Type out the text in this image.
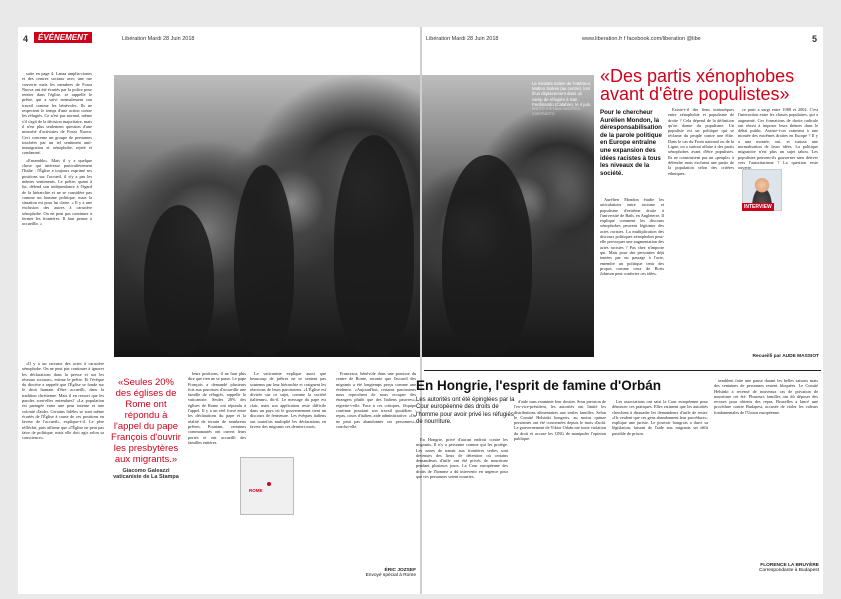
4	ÉVÉNEMENT	Libération Mardi 28 Juin 2018

suite en page 4. Lanza amplia-ciones et des centres sociaux avec une rue couverte mais les membres de Forza Nuova ont été écartés par la police pour rentrer dans l'église, se rappelle le prêtre, qui a suivi normalement son travail comme les bénévoles. Ils ne respectent le temps d'une action contre les réfugiés. Ce n'est pas normal, même s'il s'agit de la décision majoritaire, mais il n'est plus seulement question d'une minorité d'activistes de Forza Nuova. Ceci concerne un groupe de personnes touchées par un tel sentiment anti-immigration et xénophobe, rejeté et condamné.

«Ensemble». Mais il y a quelque chose qui intéresse particulièrement l'Italie : l'Église a toujours exprimé ses positions sur l'accueil, il n'y a pas les mêmes sentiments. Le prêtre, quant à lui, défend son indépendance à l'égard de la hiérarchie et ne se considère pas comme un homme politique, mais la situation est pour lui claire. « Il y a une exclusion des autres à caractère xénophobe. On ne peut pas continuer à fermer les frontières. Il faut penser à accueillir. »

«Il y a un racisme des actes à caractère xénophobe. On ne peut pas continuer à ignorer les déclarations dans la presse et sur les réseaux sociaux», estime le prêtre. Et l'évêque du diocèse a rappelé que l'Église se fonde sur le droit humain d'être accueilli, dans la tradition chrétienne. Mais il en ressort que les paroles sont-elles entendues? «La population est partagée entre une peur intense et une volonté d'aider. Certains fidèles se sont même écartés de l'Église à cause de ces positions en faveur de l'accueil», explique-t-il. Le père réfléchit, puis affirme que «l'Église ne peut pas faire de politique, mais elle doit agir selon sa conscience».

«Seules 20% des églises de Rome ont répondu à l'appel du pape François d'ouvrir les presbytères aux migrants.»
Giacomo Galeazzi vaticaniste de La Stampa

leurs positions, il ne faut plus dire que rien ne se passe. Le pape François a demandé plusieurs fois aux paroisses d'accueillir une famille de réfugiés, rappelle le vaticaniste. Seules 20% des églises de Rome ont répondu à l'appel. Il y a un réel fossé entre les déclarations du pape et la réalité de terrain de nombreux prêtres. Pourtant, certaines communautés ont ouvert leurs portes et ont accueilli des familles entières.

Le vaticaniste explique aussi que beaucoup de prêtres ne se sentent pas soutenus par leur hiérarchie et craignent les réactions de leurs paroissiens. «L'Église est divisée sur ce sujet, comme la société italienne», dit-il. Le message du pape est clair, mais son application reste difficile dans un pays où le gouvernement tient un discours de fermeture. Les évêques italiens ont toutefois multiplié les déclarations en faveur des migrants ces derniers mois.

ROME

Francesca, bénévole dans une paroisse du centre de Rome, raconte que l'accueil des migrants a été longtemps perçu comme une évidence. «Aujourd'hui, certains paroissiens nous reprochent de nous occuper des étrangers plutôt que des Italiens pauvres», regrette-t-elle. Face à ces critiques, l'équipe continue pourtant son travail quotidien : repas, cours d'italien, aide administrative. «On ne peut pas abandonner ces personnes», conclut-elle.

ÉRIC JOZSEF
Envoyé spécial à Rome
Libération Mardi 28 Juin 2018	www.liberation.fr f facebook.com/liberation @libe	5
Le ministre italien de l'Intérieur, Matteo Salvini (au centre), lors d'un déplacement dans un camp de réfugiés à San Ferdinando (Calabre), le 4 juin.
PHOTO STEFANO MONTESI. CONTRASTO
«Des partis xénophobes avant d'être populistes»
Pour le chercheur Aurélien Mondon, la déresponsabilisation de la parole politique en Europe entraîne une expansion des idées racistes à tous les niveaux de la société.

Aurélien Mondon étudie les articulations entre racisme et populisme d'extrême droite à l'université de Bath, en Angleterre. Il explique comment les discours xénophobes peuvent légitimer des actes racistes. La multiplication des discours politiques xénophobes peut-elle provoquer une augmentation des actes racistes ? Pas chez n'importe qui. Mais pour des personnes déjà tentées par un passage à l'acte, entendre un politique tenir des propos comme ceux de Boris Johnson peut conforter ces idées.

Existe-t-il des liens intrinsèques entre xénophobie et populisme de droite ? Cela dépend de la définition qu'on donne du populisme. Un populiste est un politique qui se réclame du peuple contre une élite. Dans le cas du Front national ou de la Ligue, on a surtout affaire à des partis xénophobes avant d'être populistes. Ils ne construisent pas un «peuple» à défendre mais excluent une partie de la population selon des critères ethniques.

INTERVIEW

ce parti a surgi entre 1988 et 2002. C'est l'interaction entre les classes populaires, qui a augmenté. Ces formations de droite radicale ont réussi à imposer leurs thèmes dans le débat public. Assiste-t-on vraiment à une montée des extrêmes droites en Europe ? Il y a une montée, oui, et surtout une normalisation de leurs idées. La politique migratoire n'est plus un sujet tabou. Les populistes peuvent-ils gouverner sans dériver vers l'autoritarisme ? La question reste ouverte.

Recueilli par AUDE MASSIOT
En Hongrie, l'esprit de famine d'Orbán
Les autorités ont été épinglées par la Cour européenne des droits de l'homme pour avoir privé les réfugiés de nourriture.

En Hongrie, privé d'aucun endroit contre les migrants. Il n'y a personne comme qui les protège. Les zones de transit aux frontières serbes sont devenues des lieux de détention où certains demandeurs d'asile ont été privés de nourriture pendant plusieurs jours. La Cour européenne des droits de l'homme a dû intervenir en urgence pour que ces personnes soient nourries.

d'aide sans examiner leur dossier. Sous pression de l'ex-vice-président, les autorités ont limité les distributions alimentaires aux seules familles. Selon le Comité Helsinki hongrois, au moins quinze personnes ont été concernées depuis le mois d'août. Le gouvernement de Viktor Orbán nie toute violation du droit et accuse les ONG de manipuler l'opinion publique.

Les associations ont saisi la Cour européenne pour dénoncer ces pratiques. Elles estiment que les autorités cherchent à dissuader les demandeurs d'asile de rester. «Ils veulent que ces gens abandonnent leur procédure», explique une juriste. Le pouvoir hongrois a durci sa législation, faisant de l'aide aux migrants un délit passible de prison.

semblent faire une pause durant les belles saisons mais des centaines de personnes restent bloquées. Le Comité Helsinki a recensé de nouveaux cas de privation de nourriture cet été. Plusieurs familles ont dû déposer des recours pour obtenir des repas. Bruxelles a lancé une procédure contre Budapest, accusée de violer les valeurs fondamentales de l'Union européenne.

FLORENCE LA BRUYÈRE
Correspondante à Budapest
